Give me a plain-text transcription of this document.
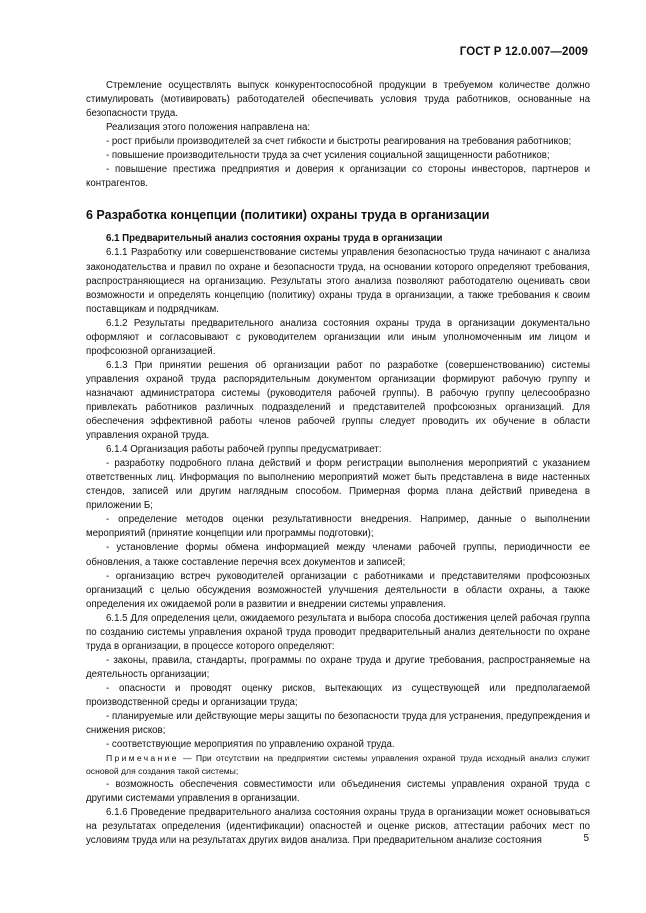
ГОСТ Р 12.0.007—2009

Стремление осуществлять выпуск конкурентоспособной продукции в требуемом количестве должно стимулировать (мотивировать) работодателей обеспечивать условия труда работников, основанные на безопасности труда.

Реализация этого положения направлена на:

- рост прибыли производителей за счет гибкости и быстроты реагирования на требования работников;

- повышение производительности труда за счет усиления социальной защищенности работников;

- повышение престижа предприятия и доверия к организации со стороны инвесторов, партнеров и контрагентов.

6 Разработка концепции (политики) охраны труда в организации
6.1 Предварительный анализ состояния охраны труда в организации

6.1.1 Разработку или совершенствование системы управления безопасностью труда начинают с анализа законодательства и правил по охране и безопасности труда, на основании которого определяют требования, распространяющиеся на организацию. Результаты этого анализа позволяют работодателю оценивать свои возможности и определять концепцию (политику) охраны труда в организации, а также требования к своим поставщикам и подрядчикам.

6.1.2 Результаты предварительного анализа состояния охраны труда в организации документально оформляют и согласовывают с руководителем организации или иным уполномоченным им лицом и профсоюзной организацией.

6.1.3 При принятии решения об организации работ по разработке (совершенствованию) системы управления охраной труда распорядительным документом организации формируют рабочую группу и назначают администратора системы (руководителя рабочей группы). В рабочую группу целесообразно привлекать работников различных подразделений и представителей профсоюзных организаций. Для обеспечения эффективной работы членов рабочей группы следует проводить их обучение в области управления охраной труда.

6.1.4 Организация работы рабочей группы предусматривает:

- разработку подробного плана действий и форм регистрации выполнения мероприятий с указанием ответственных лиц. Информация по выполнению мероприятий может быть представлена в виде настенных стендов, записей или другим наглядным способом. Примерная форма плана действий приведена в приложении Б;

- определение методов оценки результативности внедрения. Например, данные о выполнении мероприятий (принятие концепции или программы подготовки);

- установление формы обмена информацией между членами рабочей группы, периодичности ее обновления, а также составление перечня всех документов и записей;

- организацию встреч руководителей организации с работниками и представителями профсоюзных организаций с целью обсуждения возможностей улучшения деятельности в области охраны, а также определения их ожидаемой роли в развитии и внедрении системы управления.

6.1.5 Для определения цели, ожидаемого результата и выбора способа достижения целей рабочая группа по созданию системы управления охраной труда проводит предварительный анализ деятельности по охране труда в организации, в процессе которого определяют:

- законы, правила, стандарты, программы по охране труда и другие требования, распространяемые на деятельность организации;

- опасности и проводят оценку рисков, вытекающих из существующей или предполагаемой производственной среды и организации труда;

- планируемые или действующие меры защиты по безопасности труда для устранения, предупреждения и снижения рисков;

- соответствующие мероприятия по управлению охраной труда.

Примечание — При отсутствии на предприятии системы управления охраной труда исходный анализ служит основой для создания такой системы;

- возможность обеспечения совместимости или объединения системы управления охраной труда с другими системами управления в организации.

6.1.6 Проведение предварительного анализа состояния охраны труда в организации может основываться на результатах определения (идентификации) опасностей и оценке рисков, аттестации рабочих мест по условиям труда или на результатах других видов анализа. При предварительном анализе состояния	5
